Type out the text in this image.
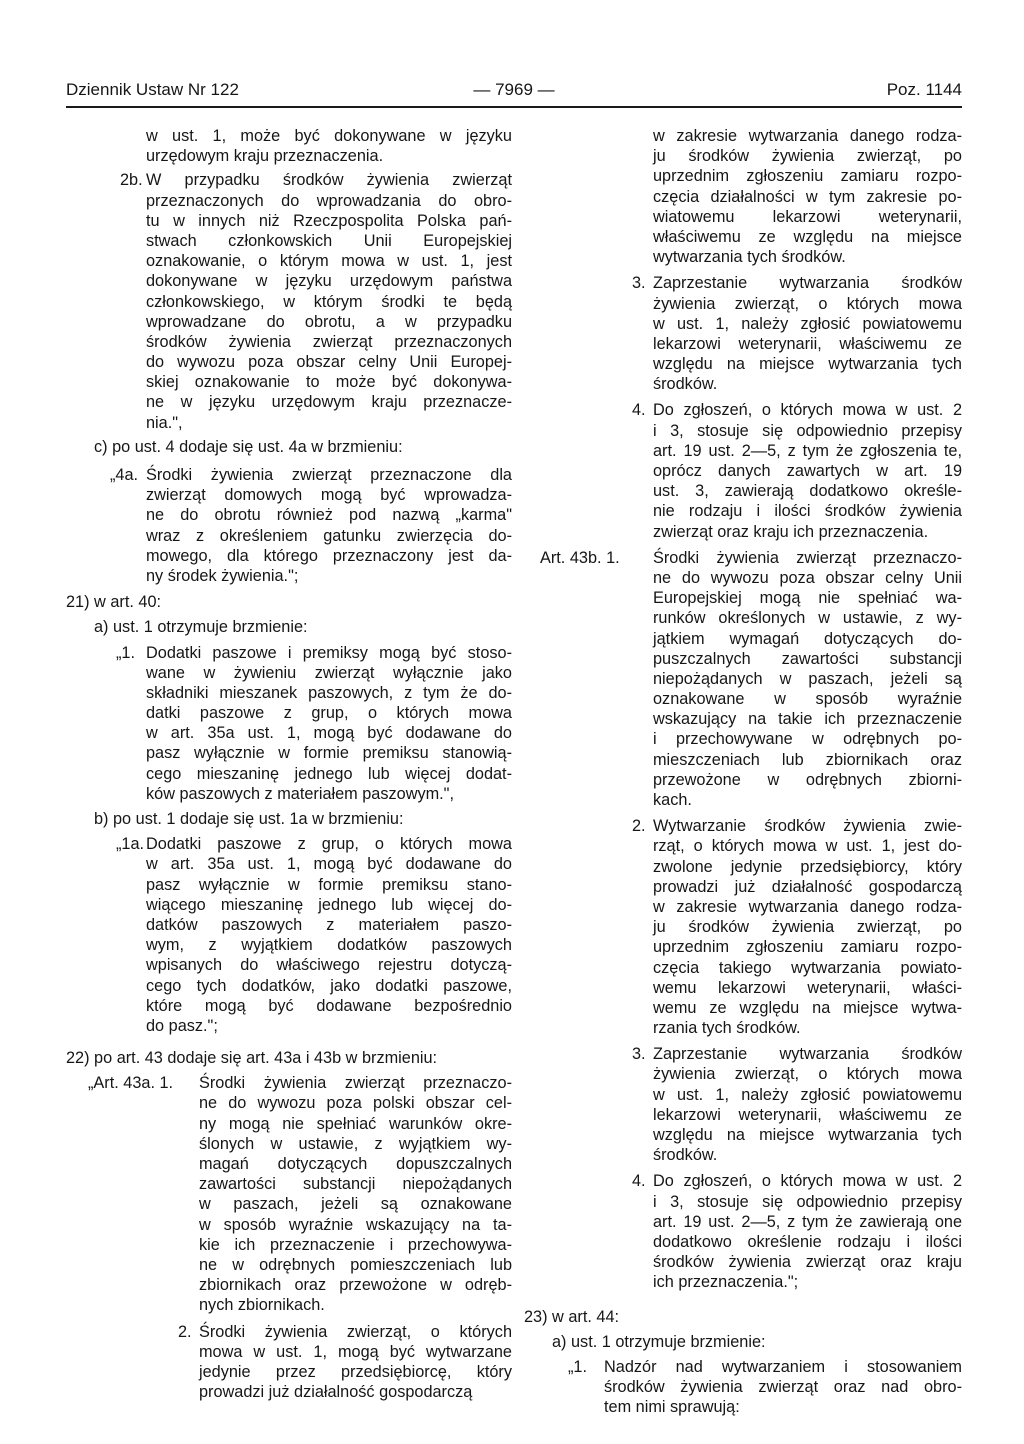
Dziennik Ustaw Nr 122	— 7969 —	Poz. 1144
w ust. 1, może być dokonywane w języku
urzędowym kraju przeznaczenia.
2b. W przypadku środków żywienia zwierząt
przeznaczonych do wprowadzania do obro-
tu w innych niż Rzeczpospolita Polska pań-
stwach członkowskich Unii Europejskiej
oznakowanie, o którym mowa w ust. 1, jest
dokonywane w języku urzędowym państwa
członkowskiego, w którym środki te będą
wprowadzane do obrotu, a w przypadku
środków żywienia zwierząt przeznaczonych
do wywozu poza obszar celny Unii Europej-
skiej oznakowanie to może być dokonywa-
ne w języku urzędowym kraju przeznacze-
nia.",
c) po ust. 4 dodaje się ust. 4a w brzmieniu:
„4a. Środki żywienia zwierząt przeznaczone dla
zwierząt domowych mogą być wprowadza-
ne do obrotu również pod nazwą „karma"
wraz z określeniem gatunku zwierzęcia do-
mowego, dla którego przeznaczony jest da-
ny środek żywienia.";
21) w art. 40:
a) ust. 1 otrzymuje brzmienie:
„1. Dodatki paszowe i premiksy mogą być stoso-
wane w żywieniu zwierząt wyłącznie jako
składniki mieszanek paszowych, z tym że do-
datki paszowe z grup, o których mowa
w art. 35a ust. 1, mogą być dodawane do
pasz wyłącznie w formie premiksu stanowią-
cego mieszaninę jednego lub więcej dodat-
ków paszowych z materiałem paszowym.",
b) po ust. 1 dodaje się ust. 1a w brzmieniu:
„1a. Dodatki paszowe z grup, o których mowa
w art. 35a ust. 1, mogą być dodawane do
pasz wyłącznie w formie premiksu stano-
wiącego mieszaninę jednego lub więcej do-
datków paszowych z materiałem paszo-
wym, z wyjątkiem dodatków paszowych
wpisanych do właściwego rejestru dotyczą-
cego tych dodatków, jako dodatki paszowe,
które mogą być dodawane bezpośrednio
do pasz.";
22) po art. 43 dodaje się art. 43a i 43b w brzmieniu:
„Art. 43a. 1. Środki żywienia zwierząt przeznaczo-
ne do wywozu poza polski obszar cel-
ny mogą nie spełniać warunków okre-
ślonych w ustawie, z wyjątkiem wy-
magań dotyczących dopuszczalnych
zawartości substancji niepożądanych
w paszach, jeżeli są oznakowane
w sposób wyraźnie wskazujący na ta-
kie ich przeznaczenie i przechowywa-
ne w odrębnych pomieszczeniach lub
zbiornikach oraz przewożone w odręb-
nych zbiornikach.
2. Środki żywienia zwierząt, o których
mowa w ust. 1, mogą być wytwarzane
jedynie przez przedsiębiorcę, który
prowadzi już działalność gospodarczą
w zakresie wytwarzania danego rodza-
ju środków żywienia zwierząt, po
uprzednim zgłoszeniu zamiaru rozpo-
częcia działalności w tym zakresie po-
wiatowemu lekarzowi weterynarii,
właściwemu ze względu na miejsce
wytwarzania tych środków.
3. Zaprzestanie wytwarzania środków
żywienia zwierząt, o których mowa
w ust. 1, należy zgłosić powiatowemu
lekarzowi weterynarii, właściwemu ze
względu na miejsce wytwarzania tych
środków.
4. Do zgłoszeń, o których mowa w ust. 2
i 3, stosuje się odpowiednio przepisy
art. 19 ust. 2—5, z tym że zgłoszenia te,
oprócz danych zawartych w art. 19
ust. 3, zawierają dodatkowo określe-
nie rodzaju i ilości środków żywienia
zwierząt oraz kraju ich przeznaczenia.
Art. 43b. 1. Środki żywienia zwierząt przeznaczo-
ne do wywozu poza obszar celny Unii
Europejskiej mogą nie spełniać wa-
runków określonych w ustawie, z wy-
jątkiem wymagań dotyczących do-
puszczalnych zawartości substancji
niepożądanych w paszach, jeżeli są
oznakowane w sposób wyraźnie
wskazujący na takie ich przeznaczenie
i przechowywane w odrębnych po-
mieszczeniach lub zbiornikach oraz
przewożone w odrębnych zbiorni-
kach.
2. Wytwarzanie środków żywienia zwie-
rząt, o których mowa w ust. 1, jest do-
zwolone jedynie przedsiębiorcy, który
prowadzi już działalność gospodarczą
w zakresie wytwarzania danego rodza-
ju środków żywienia zwierząt, po
uprzednim zgłoszeniu zamiaru rozpo-
częcia takiego wytwarzania powiato-
wemu lekarzowi weterynarii, właści-
wemu ze względu na miejsce wytwa-
rzania tych środków.
3. Zaprzestanie wytwarzania środków
żywienia zwierząt, o których mowa
w ust. 1, należy zgłosić powiatowemu
lekarzowi weterynarii, właściwemu ze
względu na miejsce wytwarzania tych
środków.
4. Do zgłoszeń, o których mowa w ust. 2
i 3, stosuje się odpowiednio przepisy
art. 19 ust. 2—5, z tym że zawierają one
dodatkowo określenie rodzaju i ilości
środków żywienia zwierząt oraz kraju
ich przeznaczenia.";
23) w art. 44:
a) ust. 1 otrzymuje brzmienie:
„1. Nadzór nad wytwarzaniem i stosowaniem
środków żywienia zwierząt oraz nad obro-
tem nimi sprawują:
